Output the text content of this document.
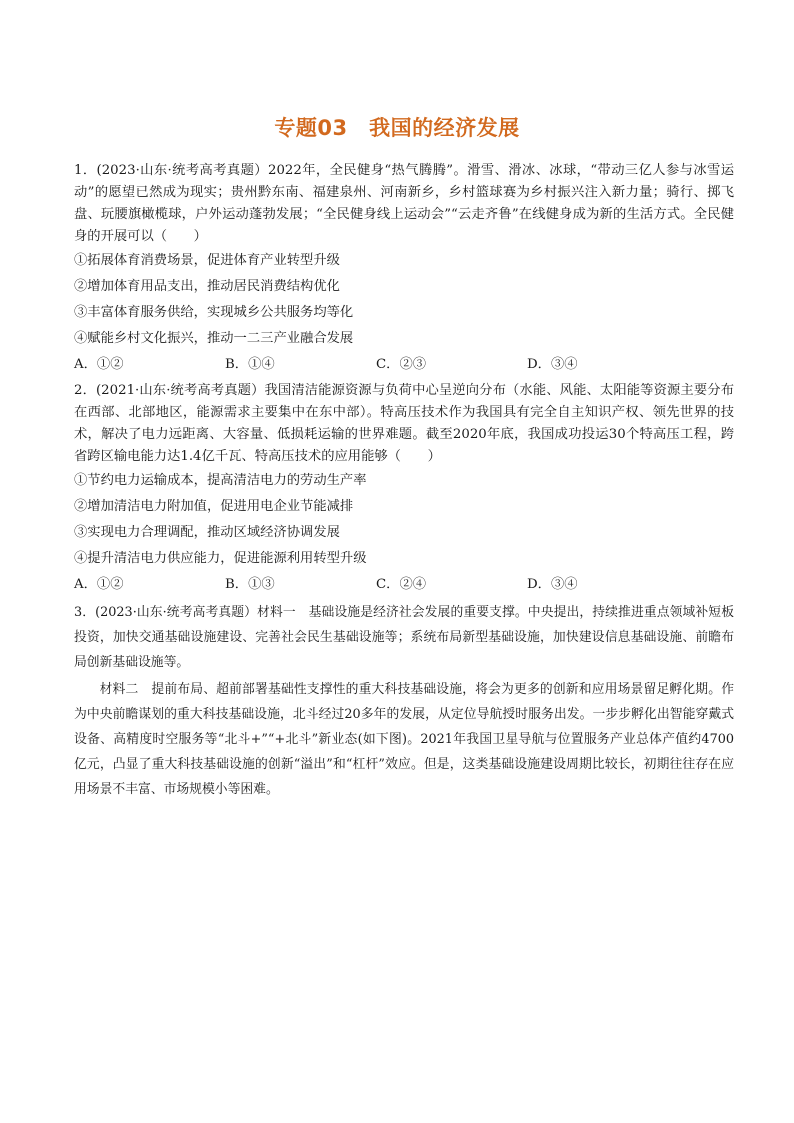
专题03　我国的经济发展

1．(2023·山东·统考高考真题）2022年，全民健身“热气腾腾”。滑雪、滑冰、冰球，“带动三亿人参与冰雪运动”的愿望已然成为现实；贵州黔东南、福建泉州、河南新乡，乡村篮球赛为乡村振兴注入新力量；骑行、掷飞盘、玩腰旗橄榄球，户外运动蓬勃发展；“全民健身线上运动会”“云走齐鲁”在线健身成为新的生活方式。全民健身的开展可以（　　）

①拓展体育消费场景，促进体育产业转型升级

②增加体育用品支出，推动居民消费结构优化

③丰富体育服务供给，实现城乡公共服务均等化

④赋能乡村文化振兴，推动一二三产业融合发展

A．①②	B．①④	C．②③	D．③④

2．(2021·山东·统考高考真题）我国清洁能源资源与负荷中心呈逆向分布（水能、风能、太阳能等资源主要分布在西部、北部地区，能源需求主要集中在东中部）。特高压技术作为我国具有完全自主知识产权、领先世界的技术，解决了电力远距离、大容量、低损耗运输的世界难题。截至2020年底，我国成功投运30个特高压工程，跨省跨区输电能力达1.4亿千瓦、特高压技术的应用能够（　　）

①节约电力运输成本，提高清洁电力的劳动生产率

②增加清洁电力附加值，促进用电企业节能减排

③实现电力合理调配，推动区域经济协调发展

④提升清洁电力供应能力，促进能源利用转型升级

A．①②	B．①③	C．②④	D．③④

3．(2023·山东·统考高考真题）材料一　基础设施是经济社会发展的重要支撑。中央提出，持续推进重点领域补短板投资，加快交通基础设施建设、完善社会民生基础设施等；系统布局新型基础设施，加快建设信息基础设施、前瞻布局创新基础设施等。

材料二　提前布局、超前部署基础性支撑性的重大科技基础设施，将会为更多的创新和应用场景留足孵化期。作为中央前瞻谋划的重大科技基础设施，北斗经过20多年的发展，从定位导航授时服务出发。一步步孵化出智能穿戴式设备、高精度时空服务等“北斗+”“+北斗”新业态(如下图)。2021年我国卫星导航与位置服务产业总体产值约4700亿元，凸显了重大科技基础设施的创新“溢出”和“杠杆”效应。但是，这类基础设施建设周期比较长，初期往往存在应用场景不丰富、市场规模小等困难。
